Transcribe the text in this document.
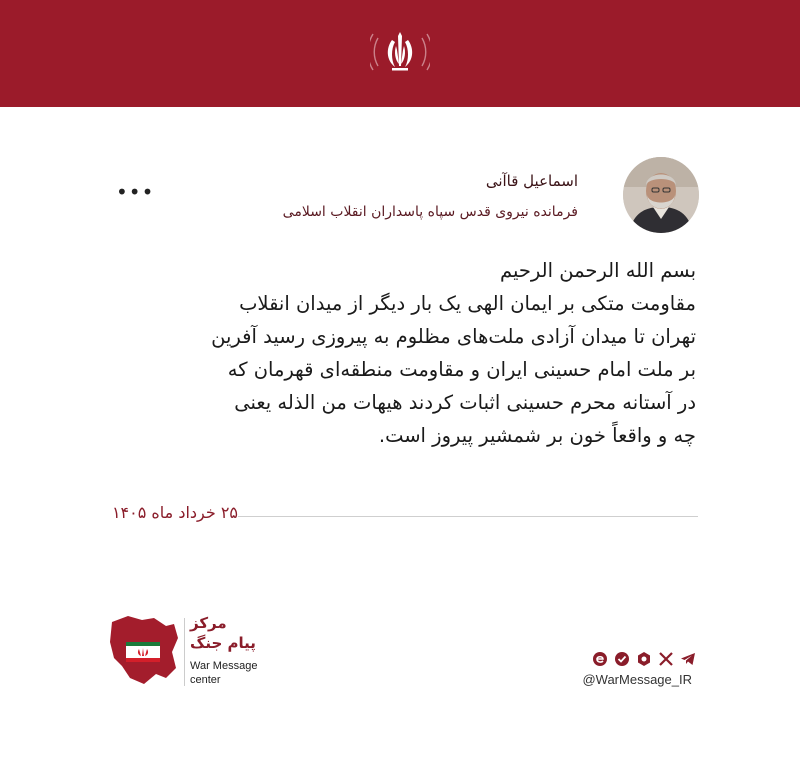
اسماعیل قاآنی
فرمانده نیروی قدس سپاه پاسداران انقلاب اسلامی
•••
بسم الله الرحمن الرحیم
مقاومت متکی بر ایمان الهی یک بار دیگر از میدان انقلاب
تهران تا میدان آزادی ملت‌های مظلوم به پیروزی رسید آفرین
بر ملت امام حسینی ایران و مقاومت منطقه‌ای قهرمان که
در آستانه محرم حسینی اثبات کردند هیهات من الذله یعنی
چه و واقعاً خون بر شمشیر پیروز است.
۲۵ خرداد ماه ۱۴۰۵
مرکز
پیام جنگ
War Message
center	@WarMessage_IR
